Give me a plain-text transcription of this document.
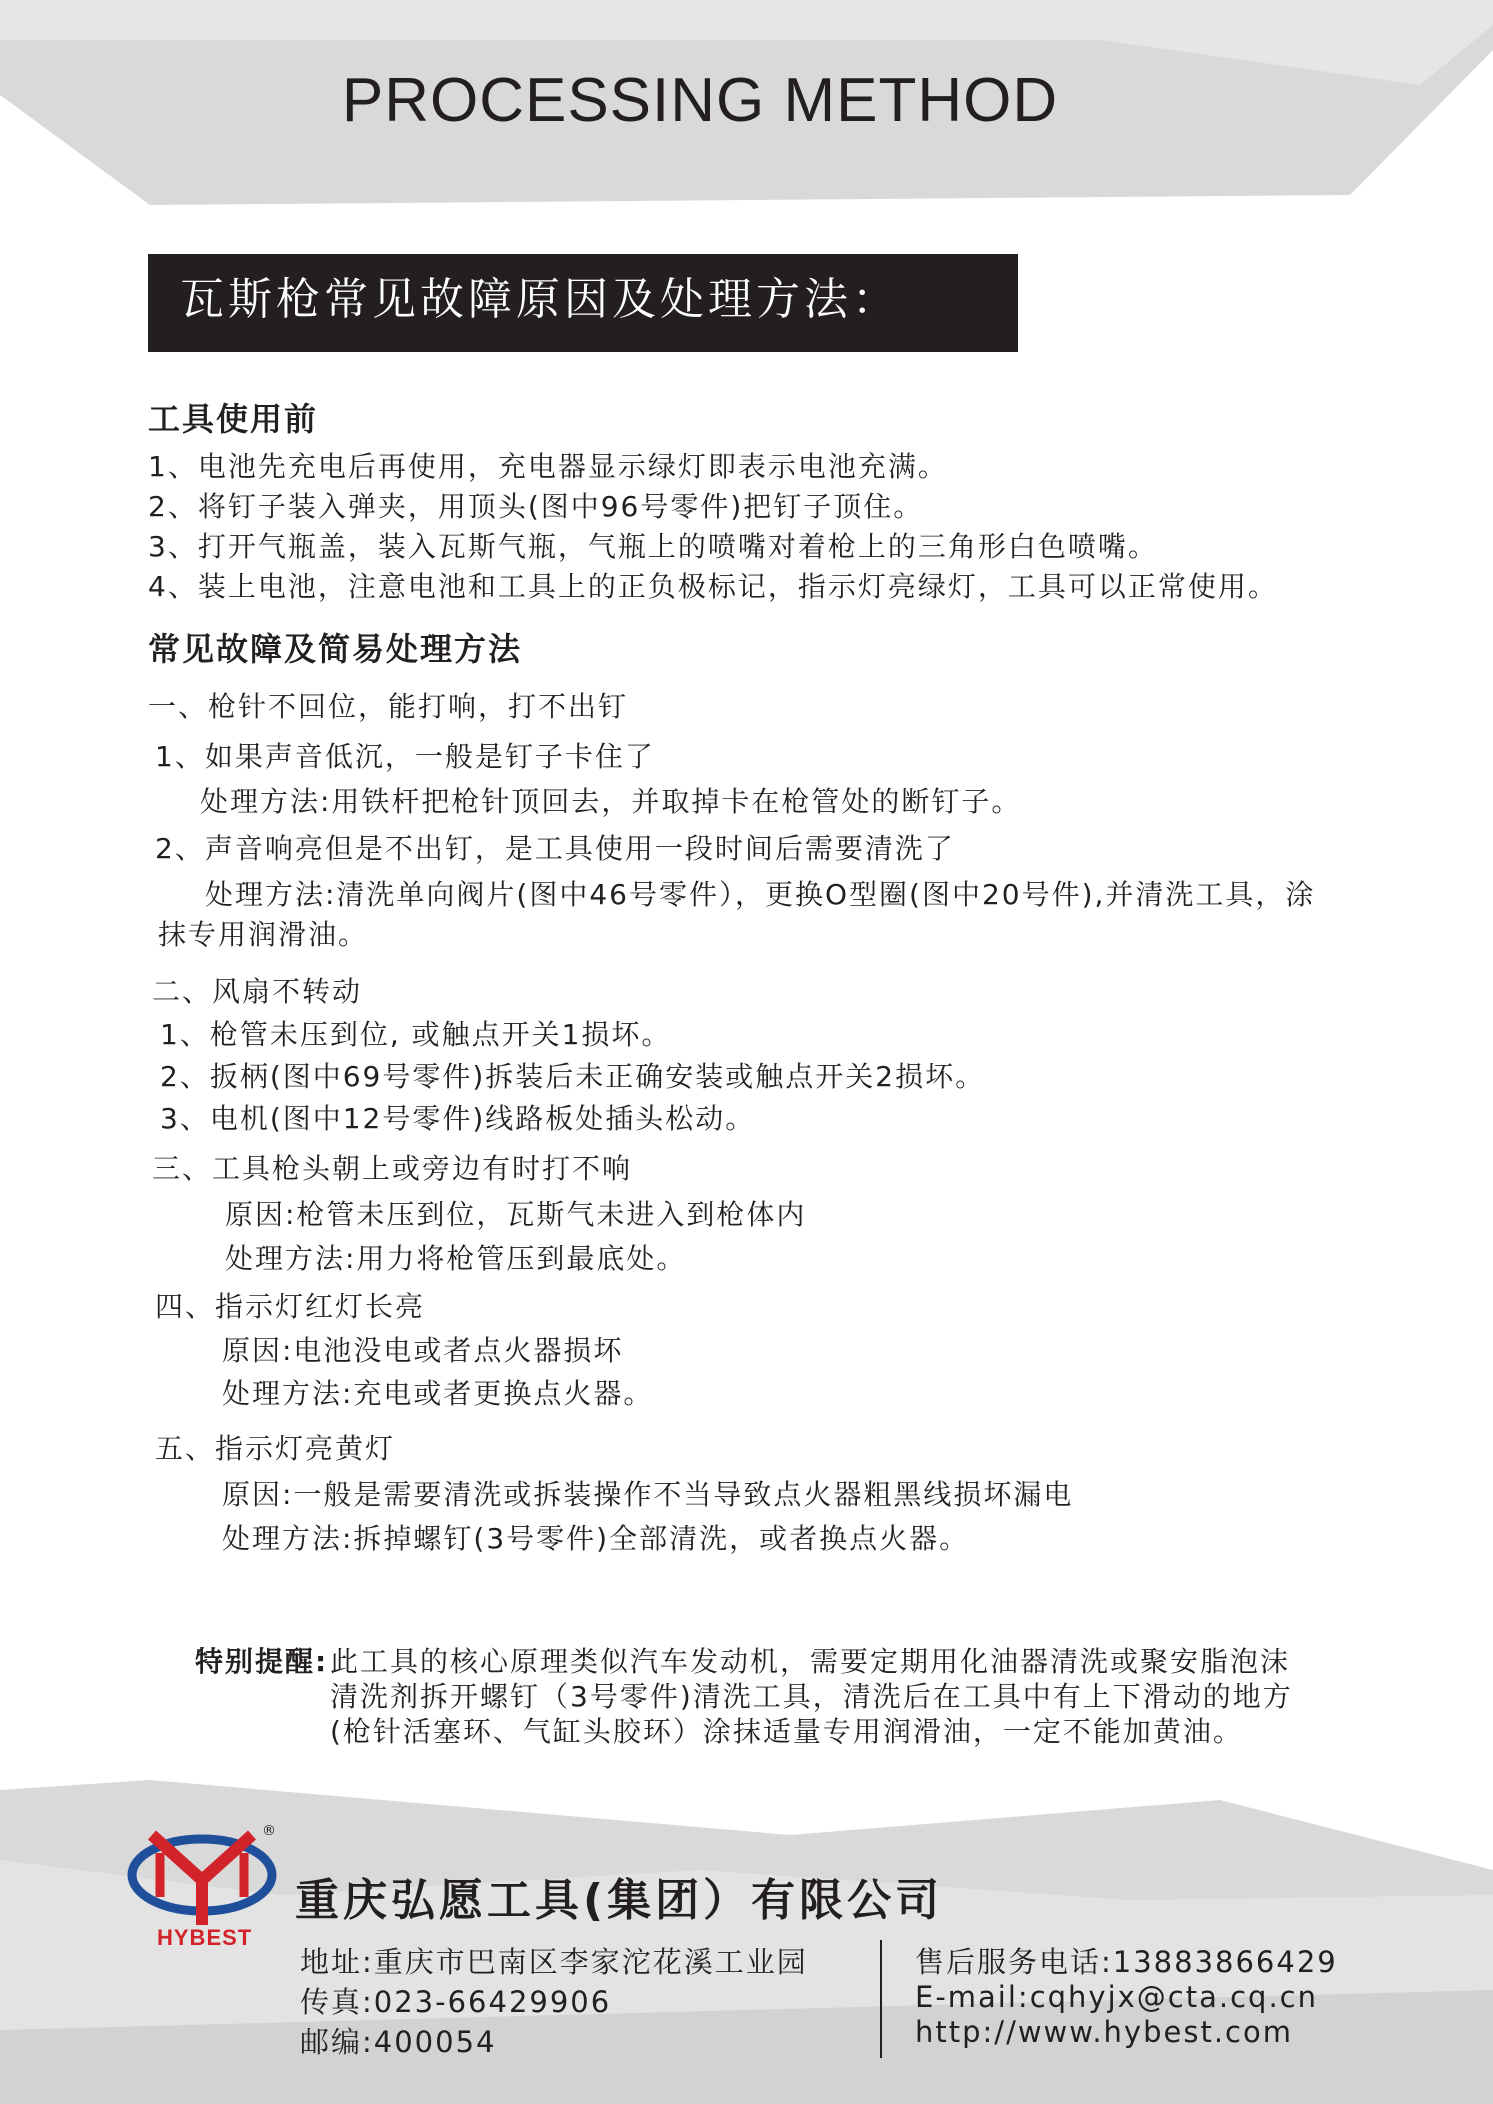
PROCESSING METHOD
瓦斯枪常见故障原因及处理方法：
工具使用前
1、电池先充电后再使用，充电器显示绿灯即表示电池充满。
2、将钉子装入弹夹，用顶头(图中96号零件)把钉子顶住。
3、打开气瓶盖，装入瓦斯气瓶，气瓶上的喷嘴对着枪上的三角形白色喷嘴。
4、装上电池，注意电池和工具上的正负极标记，指示灯亮绿灯，工具可以正常使用。
常见故障及简易处理方法
一、枪针不回位，能打响，打不出钉
1、如果声音低沉，一般是钉子卡住了
处理方法:用铁杆把枪针顶回去，并取掉卡在枪管处的断钉子。
2、声音响亮但是不出钉，是工具使用一段时间后需要清洗了
处理方法:清洗单向阀片(图中46号零件），更换O型圈(图中20号件),并清洗工具，涂
抹专用润滑油。
二、风扇不转动
1、枪管未压到位, 或触点开关1损坏。
2、扳柄(图中69号零件)拆装后未正确安装或触点开关2损坏。
3、电机(图中12号零件)线路板处插头松动。
三、工具枪头朝上或旁边有时打不响
原因:枪管未压到位，瓦斯气未进入到枪体内
处理方法:用力将枪管压到最底处。
四、指示灯红灯长亮
原因:电池没电或者点火器损坏
处理方法:充电或者更换点火器。
五、指示灯亮黄灯
原因:一般是需要清洗或拆装操作不当导致点火器粗黑线损坏漏电
处理方法:拆掉螺钉(3号零件)全部清洗，或者换点火器。
特别提醒: 此工具的核心原理类似汽车发动机，需要定期用化油器清洗或聚安脂泡沫
清洗剂拆开螺钉（3号零件)清洗工具，清洗后在工具中有上下滑动的地方
(枪针活塞环、气缸头胶环）涂抹适量专用润滑油，一定不能加黄油。
®
HYBEST
重庆弘愿工具(集团）有限公司
地址:重庆市巴南区李家沱花溪工业园
传真:023-66429906
邮编:400054
售后服务电话:13883866429
E-mail:cqhyjx@cta.cq.cn
http://www.hybest.com
